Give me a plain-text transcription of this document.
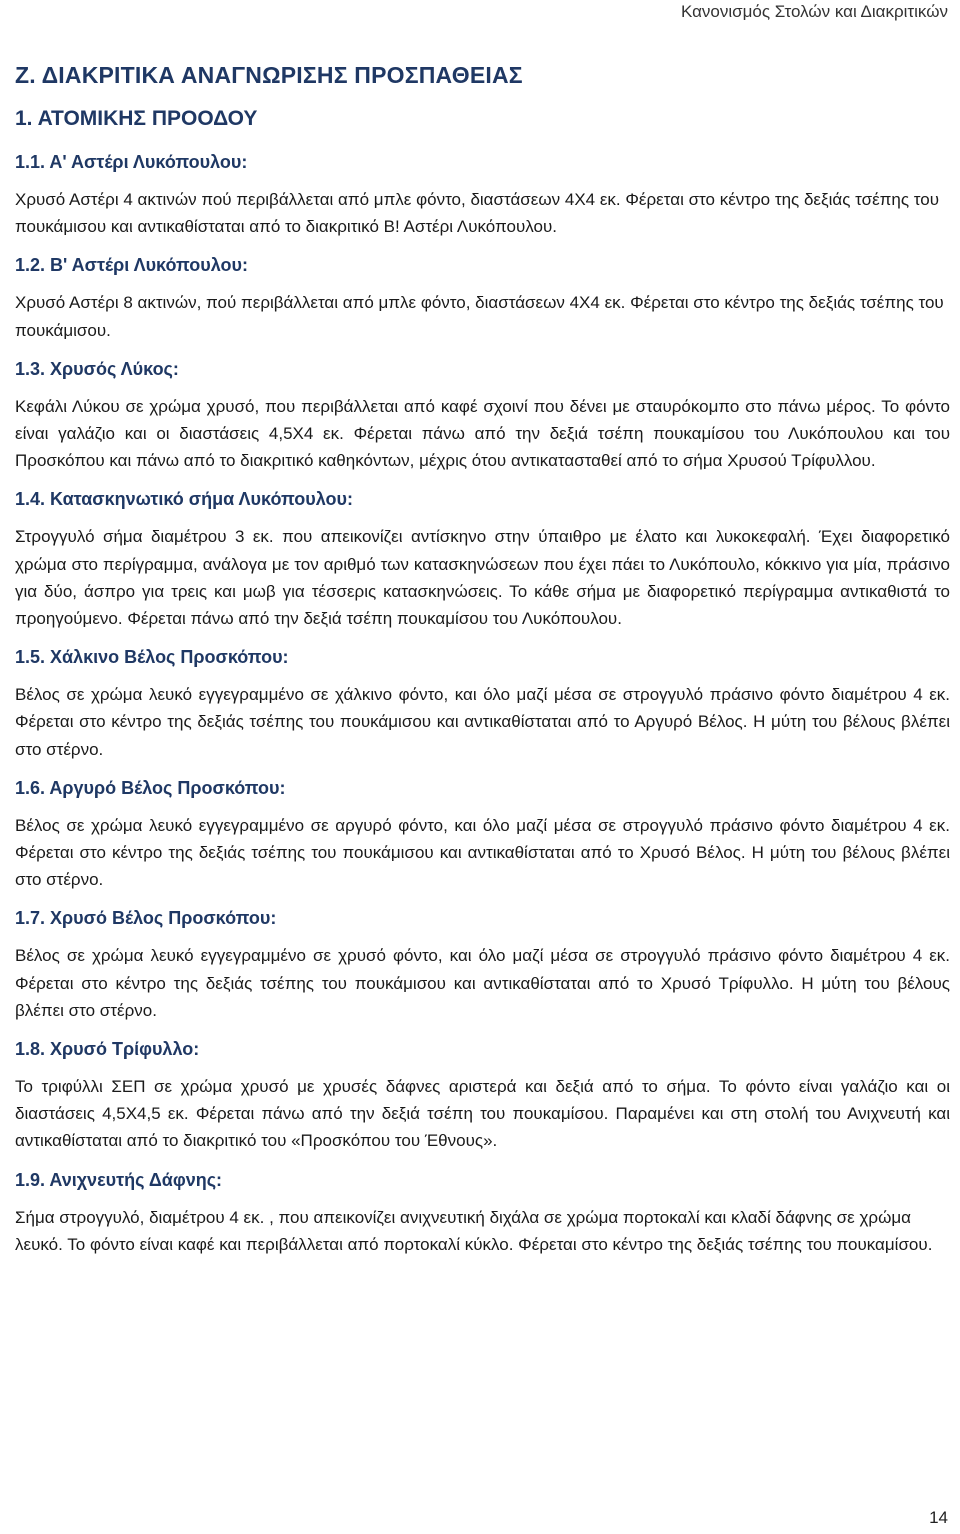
Κανονισμός Στολών και Διακριτικών
Ζ. ΔΙΑΚΡΙΤΙΚΑ ΑΝΑΓΝΩΡΙΣΗΣ ΠΡΟΣΠΑΘΕΙΑΣ
1. ΑΤΟΜΙΚΗΣ ΠΡΟΟΔΟΥ
1.1. Α' Αστέρι Λυκόπουλου:
Χρυσό Αστέρι 4 ακτινών πού περιβάλλεται από μπλε φόντο, διαστάσεων 4Χ4 εκ. Φέρεται στο κέντρο της δεξιάς τσέπης του πουκάμισου και αντικαθίσταται από το διακριτικό Β! Αστέρι Λυκόπουλου.
1.2. Β' Αστέρι Λυκόπουλου:
Χρυσό Αστέρι 8 ακτινών, πού περιβάλλεται από μπλε φόντο, διαστάσεων 4Χ4 εκ. Φέρεται στο κέντρο της δεξιάς τσέπης του πουκάμισου.
1.3. Χρυσός Λύκος:
Κεφάλι Λύκου σε χρώμα χρυσό, που περιβάλλεται από καφέ σχοινί που δένει με σταυρόκομπο στο πάνω μέρος. Το φόντο είναι γαλάζιο και οι διαστάσεις 4,5Χ4 εκ. Φέρεται πάνω από την δεξιά τσέπη πουκαμίσου του Λυκόπουλου και του Προσκόπου και πάνω από το διακριτικό καθηκόντων, μέχρις ότου αντικατασταθεί από το σήμα Χρυσού Τρίφυλλου.
1.4. Κατασκηνωτικό σήμα Λυκόπουλου:
Στρογγυλό σήμα διαμέτρου 3 εκ. που απεικονίζει αντίσκηνο στην ύπαιθρο με έλατο και λυκοκεφαλή. Έχει διαφορετικό χρώμα στο περίγραμμα, ανάλογα με τον αριθμό των κατασκηνώσεων που έχει πάει το Λυκόπουλο, κόκκινο για μία, πράσινο για δύο, άσπρο για τρεις και μωβ για τέσσερις κατασκηνώσεις. Το κάθε σήμα με διαφορετικό περίγραμμα αντικαθιστά το προηγούμενο. Φέρεται πάνω από την δεξιά τσέπη πουκαμίσου του Λυκόπουλου.
1.5. Χάλκινο Βέλος Προσκόπου:
Βέλος σε χρώμα λευκό εγγεγραμμένο σε χάλκινο φόντο, και όλο μαζί μέσα σε στρογγυλό πράσινο φόντο διαμέτρου 4 εκ. Φέρεται στο κέντρο της δεξιάς τσέπης του πουκάμισου και αντικαθίσταται από το Αργυρό Βέλος. Η μύτη του βέλους βλέπει στο στέρνο.
1.6. Αργυρό Βέλος Προσκόπου:
Βέλος σε χρώμα λευκό εγγεγραμμένο σε αργυρό φόντο, και όλο μαζί μέσα σε στρογγυλό πράσινο φόντο διαμέτρου 4 εκ. Φέρεται στο κέντρο της δεξιάς τσέπης του πουκάμισου και αντικαθίσταται από το Χρυσό Βέλος. Η μύτη του βέλους βλέπει στο στέρνο.
1.7. Χρυσό Βέλος Προσκόπου:
Βέλος σε χρώμα λευκό εγγεγραμμένο σε χρυσό φόντο, και όλο μαζί μέσα σε στρογγυλό πράσινο φόντο διαμέτρου 4 εκ. Φέρεται στο κέντρο της δεξιάς τσέπης του πουκάμισου και αντικαθίσταται από το Χρυσό Τρίφυλλο. Η μύτη του βέλους βλέπει στο στέρνο.
1.8. Χρυσό Τρίφυλλο:
Το τριφύλλι ΣΕΠ σε χρώμα χρυσό με χρυσές δάφνες αριστερά και δεξιά από το σήμα. Το φόντο είναι γαλάζιο και οι διαστάσεις 4,5Χ4,5 εκ. Φέρεται πάνω από την δεξιά τσέπη του πουκαμίσου. Παραμένει και στη στολή του Ανιχνευτή και αντικαθίσταται από το διακριτικό του «Προσκόπου του Έθνους».
1.9. Ανιχνευτής Δάφνης:
Σήμα στρογγυλό, διαμέτρου 4 εκ. , που απεικονίζει ανιχνευτική διχάλα σε χρώμα πορτοκαλί και κλαδί δάφνης σε χρώμα λευκό. Το φόντο είναι καφέ και περιβάλλεται από πορτοκαλί κύκλο. Φέρεται στο κέντρο της δεξιάς τσέπης του πουκαμίσου.
14
